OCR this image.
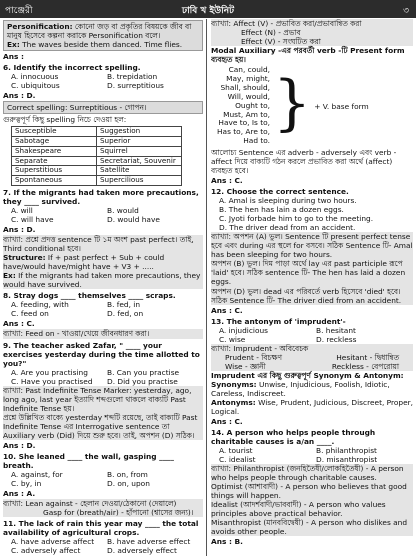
পাঞ্জেরী	ঢাবি খ ইউনিট	৩
Personification: কোনো জড় বা প্রকৃতির বিষয়কে জীব বা মানুষ হিসেবে কল্পনা করাকে Personification বলে।
Ex: The waves beside them danced. Time flies.
Ans :
6. Identify the incorrect spelling.
A. innocuous	B. trepidation
C. ubiquitous	D. surreptitious
Ans : D.
Correct spelling: Surreptitious - গোপন।
গুরুত্বপূর্ণ কিছু spelling নিচে দেওয়া হল:
Susceptible	Suggestion
Sabotage	Superior
Shakespeare	Squirrel
Separate	Secretariat, Souvenir
Superstitious	Satellite
Spontaneous	Supercilious
7. If the migrants had taken more precautions, they ____ survived.
A. will	B. would
C. will have	D. would have
Ans : D.

ব্যাখ্যা: প্রশ্নে প্রদত্ত sentence টি ১ম অংশ past perfect। তাই, Third conditional হবে।

Structure: If + past perfect + Sub + could have/would have/might have + V3 + .....

Ex: If the migrants had taken more precautions, they would have survived.

8. Stray dogs ____ themselves ____ scraps.
A. feeding, with	B. fed, in
C. feed on	D. fed, on
Ans : C.
ব্যাখ্যা: Feed on - খাওয়া/খেয়ে জীবনধারণ করা।
9. The teacher asked Zafar, " ____ your exercises yesterday during the time allotted to you?"
A. Are you practising	B. Can you practise
C. Have you practised	D. Did you practise

ব্যাখ্যা: Past Indefinite Tense Marker: yesterday, ago, long ago, last year ইত্যাদি শব্দগুলো থাকলে বাক্যটি Past Indefinite Tense হয়।

প্রশ্নে উল্লিখিত বাক্যে yesterday শব্দটি রয়েছে, তাই বাক্যটি Past Indefinite Tense এর Interrogative sentence তা Auxiliary verb (Did) দিয়ে শুরু হবে। তাই, অপশন (D) সঠিক।

Ans : D.
10. She leaned ____ the wall, gasping ____ breath.
A. against, for	B. on, from
C. by, in	D. on, upon
Ans : A.

ব্যাখ্যা: Lean against - হেলান দেওয়া/ঠেকানো (দেয়ালে)

Gasp for (breath/air) - হাঁপানো (শ্বাসের জন্য)।

11. The lack of rain this year may ____ the total availability of agricultural crops.
A. have adverse affect	B. have adverse effect
C. adversely affect	D. adversely effect

ব্যাখ্যা: Affect (V) - প্রভাবিত করা/প্রভাবান্বিত করা

Effect (N) - প্রভাব

Effect (V) - সংঘটিত করা

Modal Auxiliary -এর পরবর্তী verb -টি Present form ব্যবহৃত হয়।

Can, could,
May, might,
Shall, should,
Will, would,
Ought to,
Must, Am to,
Have to, Is to,
Has to, Are to,
Had to.
} + V. base form

আলোচ্য Sentence এর adverb - adversely এবং verb - affect দিয়ে বাক্যটি গঠন করলে প্রভাবিত করা অর্থে (affect) ব্যবহৃত হবে।

Ans : C.
12. Choose the correct sentence.

A. Amal is sleeping during two hours.

B. The hen has lain a dozen eggs.

C. Jyoti forbade him to go to the meeting.

D. The driver dead from an accident.

ব্যাখ্যা: অপশন (A) ভুল। Sentence টি present perfect tense হবে এবং during এর স্থলে for বসবে। সঠিক Sentence টি- Amal has been sleeping for two hours.

অপশন (B) ভুল। দিম পাড়া অর্থে lay এর past participle রূপে 'laid' হবে। সঠিক sentence টি- The hen has laid a dozen eggs.

অপশন (D) ভুল। dead এর পরিবর্তে verb হিসেবে 'died' হবে। সঠিক Sentence টি- The driver died from an accident.

Ans : C.
13. The antonym of 'imprudent'-
A. injudicious	B. hesitant
C. wise	D. reckless

ব্যাখ্যা: Imprudent - অবিবেচক

Prudent - বিচক্ষণ	Hesitant - দ্বিধান্বিত
Wise - জ্ঞানী	Reckless - বেপরোয়া

Imprudent এর কিছু গুরুত্বপূর্ণ Synonym & Antonym:

Synonyms: Unwise, Injudicious, Foolish, Idiotic, Careless, Indiscreet.

Antonyms: Wise, Prudent, Judicious, Discreet, Proper, Logical.

Ans : C.
14. A person who helps people through charitable causes is a/an ____.
A. tourist	B. philanthropist
C. idealist	D. misanthropist

ব্যাখ্যা: Philanthropist (জনহিতৈষী/লোকহিতৈষী) - A person who helps people through charitable causes.

Optimist (আশাবাদী) - A person who believes that good things will happen.

Idealist (আদর্শবাদী/ভাববাদী) - A person who values principles above practical behavior.

Misanthropist (মানববিদ্বেষী) - A person who dislikes and avoids other people.

Ans : B.
